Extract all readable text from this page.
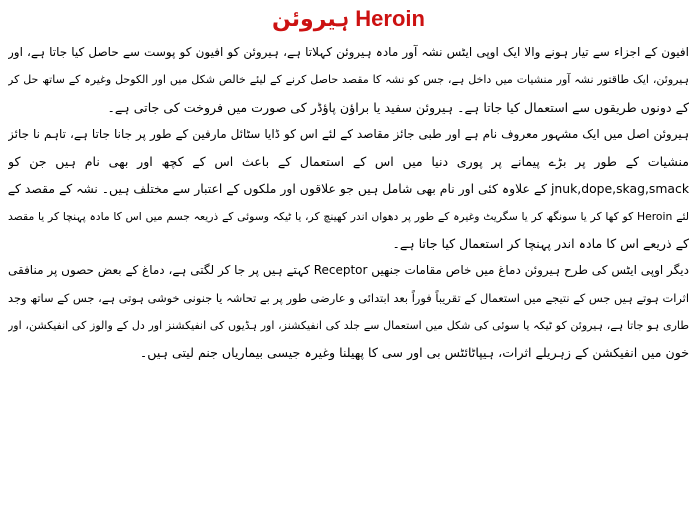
ہیروئن Heroin
افیون کے اجزاء سے تیار ہونے والا ایک اوپی ایٹس نشہ آور مادہ ہیروئن کہلاتا ہے، ہیروئن کو افیون کو پوست سے حاصل کیا جاتا ہے، اور
ہیروئن، ایک طاقتور نشہ آور منشیات میں داخل ہے، جس کو نشہ کا مقصد حاصل کرنے کے لیئے خالص شکل میں اور الکوحل وغیرہ کے ساتھ حل کر
کے دونوں طریقوں سے استعمال کیا جاتا ہے۔ ہیروئن سفید یا براؤن پاؤڈر کی صورت میں فروخت کی جاتی ہے۔
ہیروئن اصل میں ایک مشہور معروف نام ہے اور طبی جائز مقاصد کے لئے اس کو ڈایا سٹائل مارفین کے طور پر جانا جاتا ہے، تاہم نا جائز
منشیات کے طور پر بڑے پیمانے پر پوری دنیا میں اس کے استعمال کے باعث اس کے کچھ اور بھی نام ہیں جن کو
jnuk,dope,skag,smack کے علاوہ کئی اور نام بھی شامل ہیں جو علاقوں اور ملکوں کے اعتبار سے مختلف ہیں۔ نشہ کے مقصد کے
لئے Heroin کو کھا کر یا سونگھ کر یا سگریٹ وغیرہ کے طور پر دھواں اندر کھینچ کر، یا ٹیکہ وسوئی کے ذریعہ جسم میں اس کا مادہ پہنچا کر یا مقصد
کے ذریعے اس کا مادہ اندر پہنچا کر استعمال کیا جاتا ہے۔
دیگر اوپی ایٹس کی طرح ہیروئن دماغ میں خاص مقامات جنھیں Receptor کہتے ہیں پر جا کر لگتی ہے، دماغ کے بعض حصوں پر منافقی
اثرات ہوتے ہیں جس کے نتیجے میں استعمال کے تقریباً فوراً بعد ابتدائی و عارضی طور پر بے تحاشہ یا جنونی خوشی ہوتی ہے، جس کے ساتھ وجد
طاری ہو جاتا ہے، ہیروئن کو ٹیکہ یا سوئی کی شکل میں استعمال سے جلد کی انفیکشنز، اور ہڈیوں کی انفیکشنز اور دل کے والوز کی انفیکشن، اور
خون میں انفیکشن کے زہریلے اثرات، ہیپاٹائٹس بی اور سی کا پھیلنا وغیرہ جیسی بیماریاں جنم لیتی ہیں۔
